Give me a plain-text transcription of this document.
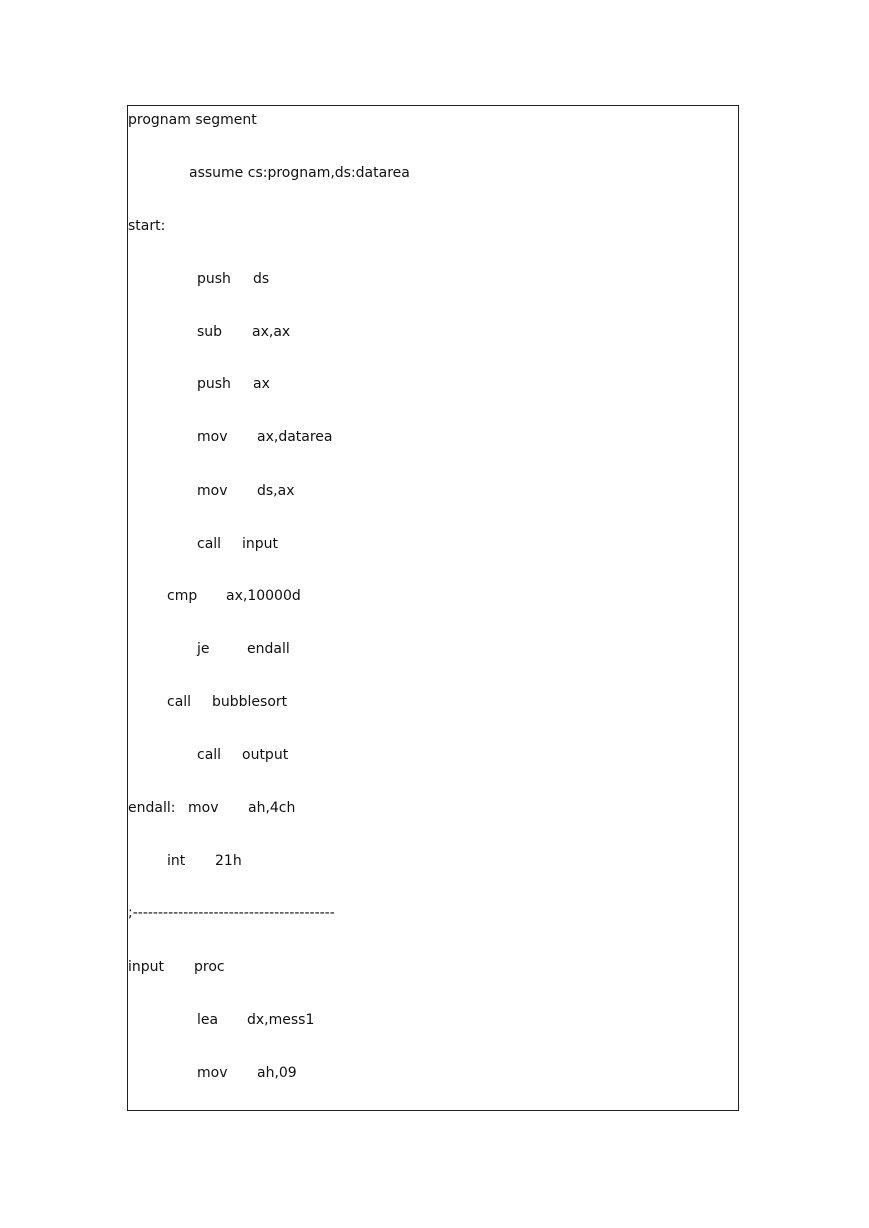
prognam segment

assume cs:prognam,ds:datarea

start:

push

ds

sub

ax,ax

push

ax

mov

ax,datarea

mov

ds,ax

call

input

cmp

ax,10000d

je

	endall

call

bubblesort

call

output

endall:

mov

ah,4ch

int

21h

;----------------------------------------

input

proc

lea

dx,mess1

mov

ah,09
